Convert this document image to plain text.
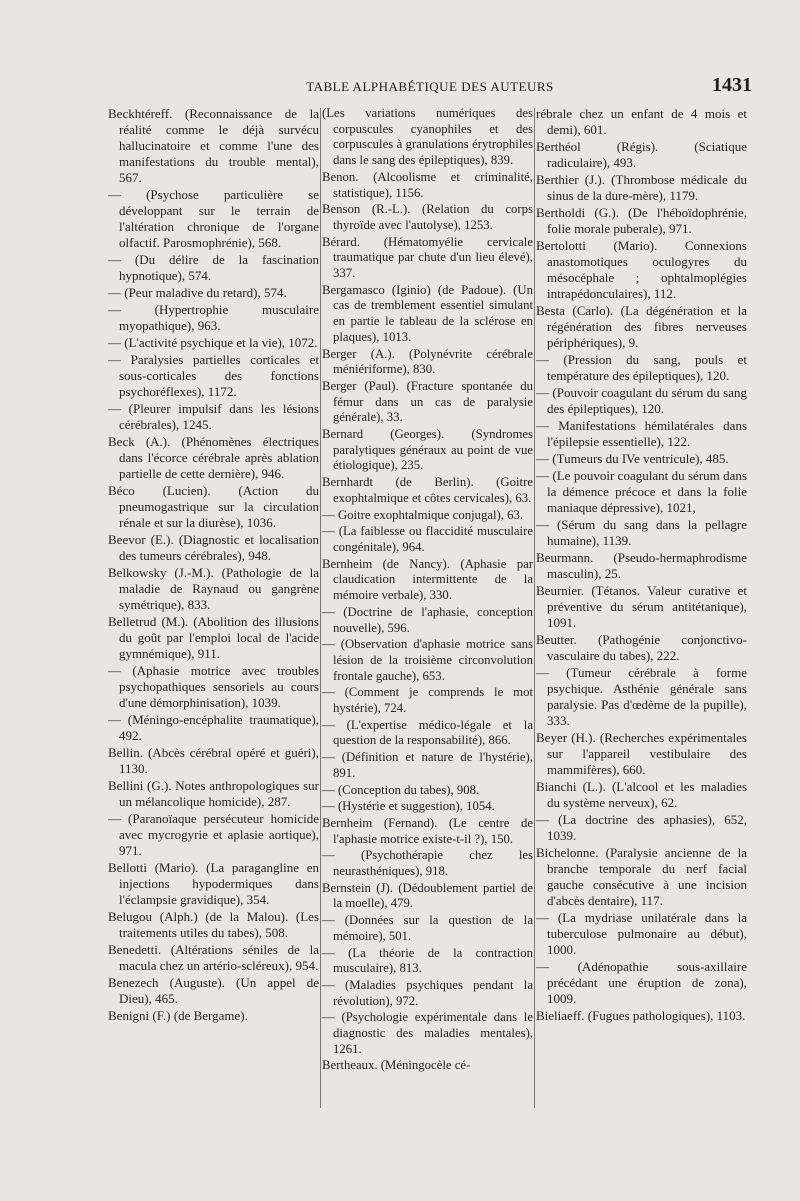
TABLE ALPHABÉTIQUE DES AUTEURS	1431

Beckhtéreff. (Reconnaissance de la réalité comme le déjà survécu hallucinatoire et comme l'une des manifestations du trouble mental), 567.

— (Psychose particulière se développant sur le terrain de l'altération chronique de l'organe olfactif. Parosmophrénie), 568.

— (Du délire de la fascination hypnotique), 574.

— (Peur maladive du retard), 574.

— (Hypertrophie musculaire myopathique), 963.

— (L'activité psychique et la vie), 1072.

— Paralysies partielles corticales et sous-corticales des fonctions psychoréflexes), 1172.

— (Pleurer impulsif dans les lésions cérébrales), 1245.

Beck (A.). (Phénomènes électriques dans l'écorce cérébrale après ablation partielle de cette dernière), 946.

Béco (Lucien). (Action du pneumogastrique sur la circulation rénale et sur la diurèse), 1036.

Beevor (E.). (Diagnostic et localisation des tumeurs cérébrales), 948.

Belkowsky (J.-M.). (Pathologie de la maladie de Raynaud ou gangrène symétrique), 833.

Belletrud (M.). (Abolition des illusions du goût par l'emploi local de l'acide gymnémique), 911.

— (Aphasie motrice avec troubles psychopathiques sensoriels au cours d'une démorphinisation), 1039.

— (Méningo-encéphalite traumatique), 492.

Bellin. (Abcès cérébral opéré et guéri), 1130.

Bellini (G.). Notes anthropologiques sur un mélancolique homicide), 287.

— (Paranoïaque persécuteur homicide avec mycrogyrie et aplasie aortique), 971.

Bellotti (Mario). (La paragangline en injections hypodermiques dans l'éclampsie gravidique), 354.

Belugou (Alph.) (de la Malou). (Les traitements utiles du tabes), 508.

Benedetti. (Altérations séniles de la macula chez un artério-scléreux), 954.

Benezech (Auguste). (Un appel de Dieu), 465.

Benigni (F.) (de Bergame).

(Les variations numériques des corpuscules cyanophiles et des corpuscules à granulations érytrophiles dans le sang des épileptiques), 839.

Benon. (Alcoolisme et criminalité, statistique), 1156.

Benson (R.-L.). (Relation du corps thyroïde avec l'autolyse), 1253.

Bérard. (Hématomyélie cervicale traumatique par chute d'un lieu élevé), 337.

Bergamasco (Iginio) (de Padoue). (Un cas de tremblement essentiel simulant en partie le tableau de la sclérose en plaques), 1013.

Berger (A.). (Polynévrite cérébrale méniériforme), 830.

Berger (Paul). (Fracture spontanée du fémur dans un cas de paralysie générale), 33.

Bernard (Georges). (Syndromes paralytiques généraux au point de vue étiologique), 235.

Bernhardt (de Berlin). (Goitre exophtalmique et côtes cervicales), 63.

— Goitre exophtalmique conjugal), 63.

— (La faiblesse ou flaccidité musculaire congénitale), 964.

Bernheim (de Nancy). (Aphasie par claudication intermittente de la mémoire verbale), 330.

— (Doctrine de l'aphasie, conception nouvelle), 596.

— (Observation d'aphasie motrice sans lésion de la troisième circonvolution frontale gauche), 653.

— (Comment je comprends le mot hystérie), 724.

— (L'expertise médico-légale et la question de la responsabilité), 866.

— (Définition et nature de l'hystérie), 891.

— (Conception du tabes), 908.

— (Hystérie et suggestion), 1054.

Bernheim (Fernand). (Le centre de l'aphasie motrice existe-t-il ?), 150.

— (Psychothérapie chez les neurasthéniques), 918.

Bernstein (J). (Dédoublement partiel de la moelle), 479.

— (Données sur la question de la mémoire), 501.

— (La théorie de la contraction musculaire), 813.

— (Maladies psychiques pendant la révolution), 972.

— (Psychologie expérimentale dans le diagnostic des maladies mentales), 1261.

Bertheaux. (Méningocèle cé-

rébrale chez un enfant de 4 mois et demi), 601.

Berthéol (Régis). (Sciatique radiculaire), 493.

Berthier (J.). (Thrombose médicale du sinus de la dure-mère), 1179.

Bertholdi (G.). (De l'héboïdophrénie, folie morale puberale), 971.

Bertolotti (Mario). Connexions anastomotiques oculogyres du mésocéphale ; ophtalmoplégies intrapédonculaires), 112.

Besta (Carlo). (La dégénération et la régénération des fibres nerveuses périphériques), 9.

— (Pression du sang, pouls et température des épileptiques), 120.

— (Pouvoir coagulant du sérum du sang des épileptiques), 120.

— Manifestations hémilatérales dans l'épilepsie essentielle), 122.

— (Tumeurs du IVe ventricule), 485.

— (Le pouvoir coagulant du sérum dans la démence précoce et dans la folie maniaque dépressive), 1021,

— (Sérum du sang dans la pellagre humaine), 1139.

Beurmann. (Pseudo-hermaphrodisme masculin), 25.

Beurnier. (Tétanos. Valeur curative et préventive du sérum antitétanique), 1091.

Beutter. (Pathogénie conjonctivo-vasculaire du tabes), 222.

— (Tumeur cérébrale à forme psychique. Asthénie générale sans paralysie. Pas d'œdème de la pupille), 333.

Beyer (H.). (Recherches expérimentales sur l'appareil vestibulaire des mammifères), 660.

Bianchi (L.). (L'alcool et les maladies du système nerveux), 62.

— (La doctrine des aphasies), 652, 1039.

Bichelonne. (Paralysie ancienne de la branche temporale du nerf facial gauche consécutive à une incision d'abcès dentaire), 117.

— (La mydriase unilatérale dans la tuberculose pulmonaire au début), 1000.

— (Adénopathie sous-axillaire précédant une éruption de zona), 1009.

Bieliaeff. (Fugues pathologiques), 1103.
